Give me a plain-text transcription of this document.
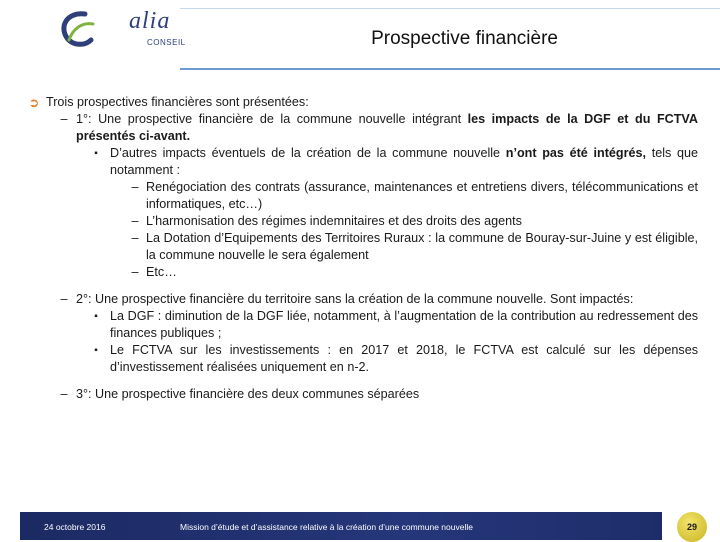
alia
CONSEIL	Prospective financière
➲ Trois prospectives financières sont présentées:
– 1°: Une prospective financière de la commune nouvelle intégrant les impacts de la DGF et du FCTVA présentés ci-avant.
▪ D’autres impacts éventuels de la création de la commune nouvelle n’ont pas été intégrés, tels que notamment :
– Renégociation des contrats (assurance, maintenances et entretiens divers, télécommunications et informatiques, etc…)
– L’harmonisation des régimes indemnitaires et des droits des agents
– La Dotation d’Equipements des Territoires Ruraux : la commune de Bouray-sur-Juine y est éligible, la commune nouvelle le sera également
– Etc…
– 2°: Une prospective financière du territoire sans la création de la commune nouvelle. Sont impactés:
▪ La DGF : diminution de la DGF liée, notamment, à l’augmentation de la contribution au redressement des finances publiques ;
▪ Le FCTVA sur les investissements : en 2017 et 2018, le FCTVA est calculé sur les dépenses d’investissement réalisées uniquement en n-2.
– 3°: Une prospective financière des deux communes séparées
24 octobre 2016	Mission d’étude et d’assistance relative à la création d’une commune nouvelle	29
